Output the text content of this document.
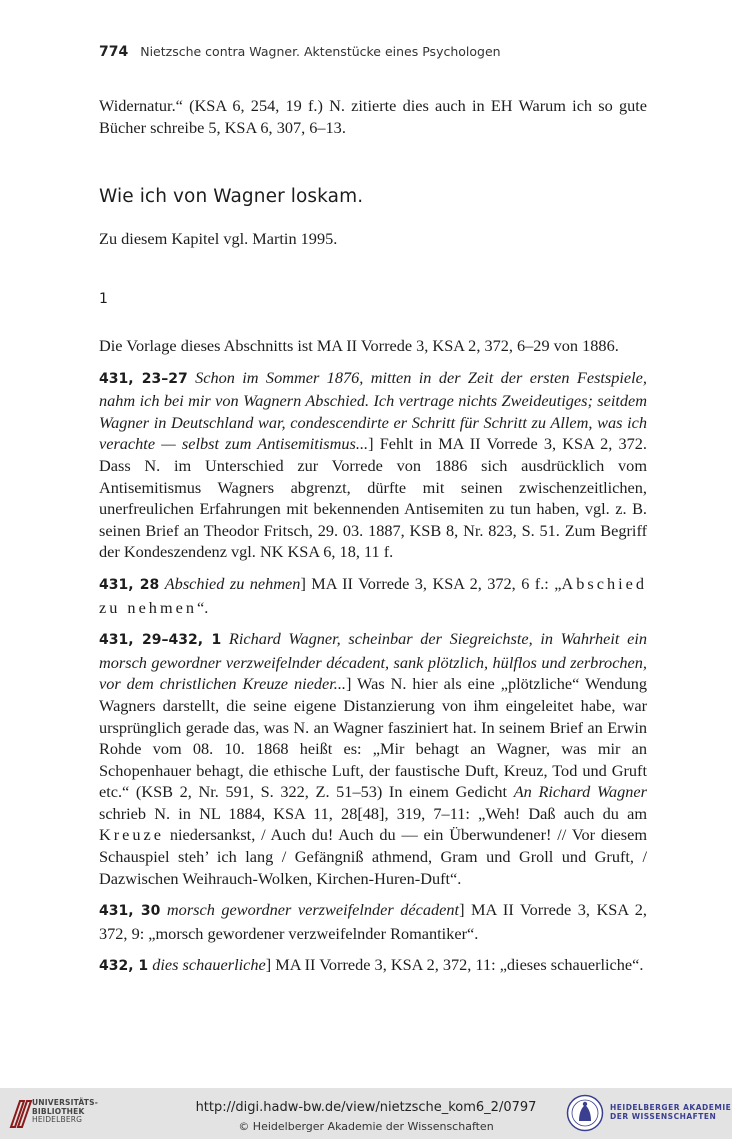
774 Nietzsche contra Wagner. Aktenstücke eines Psychologen

Widernatur.“ (KSA 6, 254, 19 f.) N. zitierte dies auch in EH Warum ich so gute Bücher schreibe 5, KSA 6, 307, 6–13.

Wie ich von Wagner loskam.

Zu diesem Kapitel vgl. Martin 1995.

1

Die Vorlage dieses Abschnitts ist MA II Vorrede 3, KSA 2, 372, 6–29 von 1886.

431, 23–27 Schon im Sommer 1876, mitten in der Zeit der ersten Festspiele, nahm ich bei mir von Wagnern Abschied. Ich vertrage nichts Zweideutiges; seitdem Wagner in Deutschland war, condescendirte er Schritt für Schritt zu Allem, was ich verachte — selbst zum Antisemitismus...] Fehlt in MA II Vorrede 3, KSA 2, 372. Dass N. im Unterschied zur Vorrede von 1886 sich ausdrücklich vom Antisemitismus Wagners abgrenzt, dürfte mit seinen zwischenzeitlichen, unerfreulichen Erfahrungen mit bekennenden Antisemiten zu tun haben, vgl. z. B. seinen Brief an Theodor Fritsch, 29. 03. 1887, KSB 8, Nr. 823, S. 51. Zum Begriff der Kondeszendenz vgl. NK KSA 6, 18, 11 f.

431, 28 Abschied zu nehmen] MA II Vorrede 3, KSA 2, 372, 6 f.: „Abschied zu nehmen“.

431, 29–432, 1 Richard Wagner, scheinbar der Siegreichste, in Wahrheit ein morsch gewordner verzweifelnder décadent, sank plötzlich, hülflos und zerbrochen, vor dem christlichen Kreuze nieder...] Was N. hier als eine „plötzliche“ Wendung Wagners darstellt, die seine eigene Distanzierung von ihm eingeleitet habe, war ursprünglich gerade das, was N. an Wagner fasziniert hat. In seinem Brief an Erwin Rohde vom 08. 10. 1868 heißt es: „Mir behagt an Wagner, was mir an Schopenhauer behagt, die ethische Luft, der faustische Duft, Kreuz, Tod und Gruft etc.“ (KSB 2, Nr. 591, S. 322, Z. 51–53) In einem Gedicht An Richard Wagner schrieb N. in NL 1884, KSA 11, 28[48], 319, 7–11: „Weh! Daß auch du am Kreuze niedersankst, / Auch du! Auch du — ein Überwundener! // Vor diesem Schauspiel steh’ ich lang / Gefängniß athmend, Gram und Groll und Gruft, / Dazwischen Weihrauch-Wolken, Kirchen-Huren-Duft“.

431, 30 morsch gewordner verzweifelnder décadent] MA II Vorrede 3, KSA 2, 372, 9: „morsch gewordener verzweifelnder Romantiker“.

432, 1 dies schauerliche] MA II Vorrede 3, KSA 2, 372, 11: „dieses schauerliche“.

UNIVERSITÄTS-
BIBLIOTHEK
HEIDELBERG
http://digi.hadw-bw.de/view/nietzsche_kom6_2/0797
© Heidelberger Akademie der Wissenschaften
HEIDELBERGER AKADEMIE
DER WISSENSCHAFTEN
